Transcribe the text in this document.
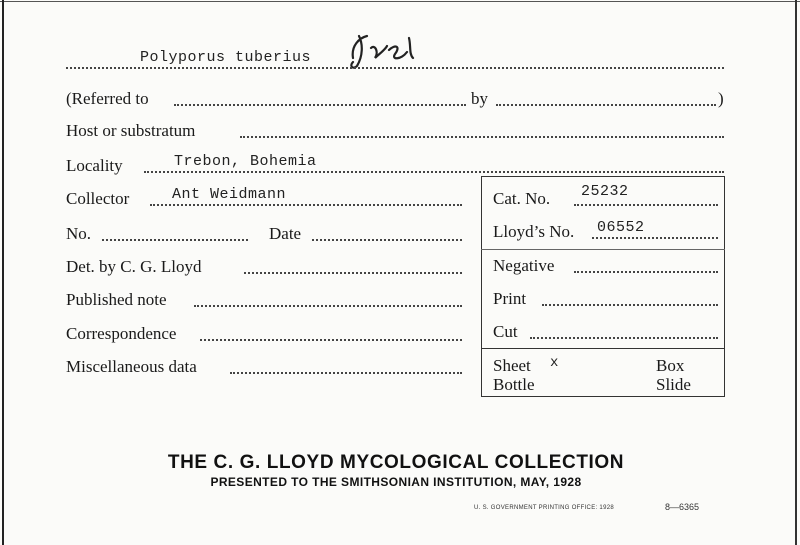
Polyporus tuberius
(Referred to	by	)
Host or substratum
Locality	Trebon, Bohemia
Collector	Ant Weidmann
No.	Date
Det. by C. G. Lloyd
Published note
Correspondence
Miscellaneous data
Cat. No. 25232
Lloyd’s No. 06552
Negative
Print
Cut
Sheet x	Box
Bottle	Slide
THE C. G. LLOYD MYCOLOGICAL COLLECTION
PRESENTED TO THE SMITHSONIAN INSTITUTION, MAY, 1928
U. S. GOVERNMENT PRINTING OFFICE: 1928	8—6365
